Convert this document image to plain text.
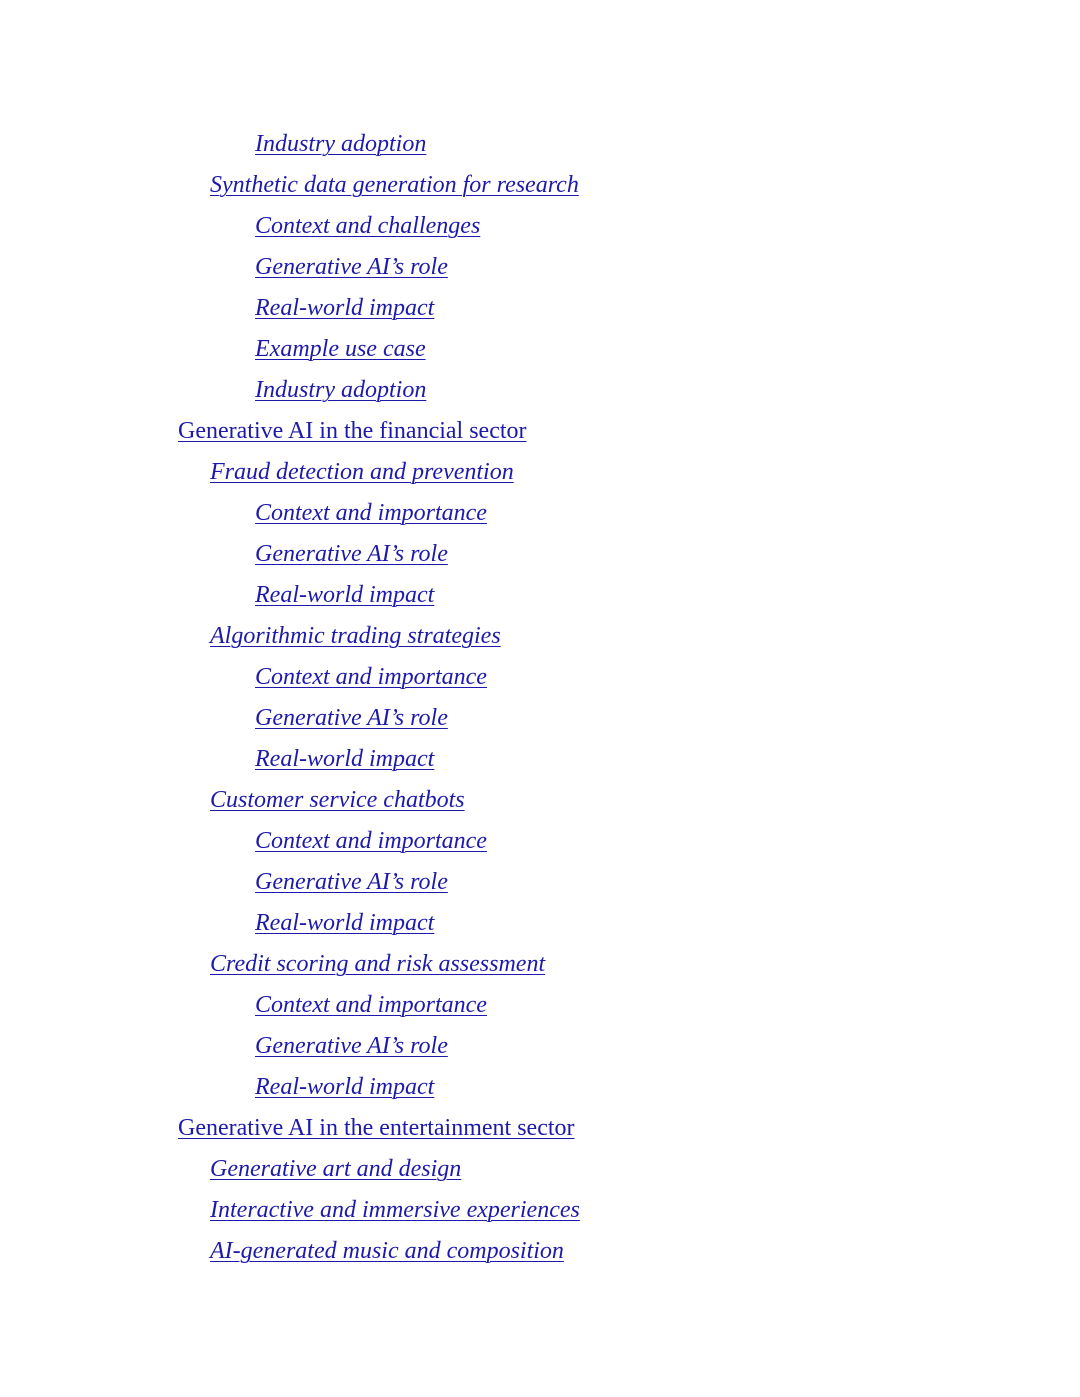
Industry adoption
Synthetic data generation for research
Context and challenges
Generative AI’s role
Real-world impact
Example use case
Industry adoption
Generative AI in the financial sector
Fraud detection and prevention
Context and importance
Generative AI’s role
Real-world impact
Algorithmic trading strategies
Context and importance
Generative AI’s role
Real-world impact
Customer service chatbots
Context and importance
Generative AI’s role
Real-world impact
Credit scoring and risk assessment
Context and importance
Generative AI’s role
Real-world impact
Generative AI in the entertainment sector
Generative art and design
Interactive and immersive experiences
AI-generated music and composition
